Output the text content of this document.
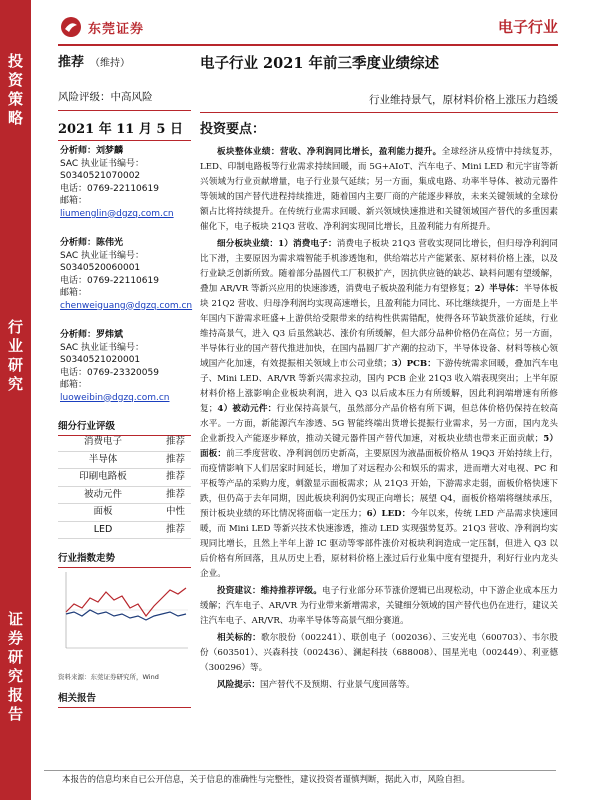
投
资
策
略
行
业
研
究
证
券
研
究
报
告
东莞证券	电子行业
推荐 （维持）
风险评级：中高风险
2021 年 11 月 5 日
分析师：刘梦麟
SAC 执业证书编号：
S0340521070002
电话：0769-22110619
邮箱：
liumenglin@dgzq.com.cn
分析师：陈伟光
SAC 执业证书编号：
S0340520060001
电话：0769-22110619
邮箱：
chenweiguang@dgzq.com.cn
分析师：罗炜斌
SAC 执业证书编号：
S0340521020001
电话：0769-23320059
邮箱：
luoweibin@dgzq.com.cn
细分行业评级
消费电子	推荐
半导体	推荐
印刷电路板	推荐
被动元件	推荐
面板	中性
LED	推荐
行业指数走势
资料来源：东莞证券研究所，Wind
相关报告
电子行业 2021 年前三季度业绩综述
行业维持景气，原材料价格上涨压力趋缓
投资要点：

板块整体业绩：营收、净利润同比增长，盈利能力提升。全球经济从疫情中持续复苏，LED、印制电路板等行业需求持续回暖，而 5G+AIoT、汽车电子、Mini LED 和元宇宙等新兴领域为行业贡献增量，电子行业景气延续；另一方面，集成电路、功率半导体、被动元器件等领域的国产替代进程持续推进，随着国内主要厂商的产能逐步释放，未来关键领域的全球份额占比将持续提升。在传统行业需求回暖、新兴领域快速推进和关键领域国产替代的多重因素催化下，电子板块 21Q3 营收、净利润实现同比增长，且盈利能力有所提升。

细分板块业绩：1）消费电子：消费电子板块 21Q3 营收实现同比增长，但归母净利润同比下滑，主要原因为需求端智能手机渗透饱和，供给端芯片产能紧张、原材料价格上涨，以及行业缺乏创新所致。随着部分晶圆代工厂积极扩产，因抗供应链的缺芯、缺料问题有望缓解，叠加 AR/VR 等新兴应用的快速渗透，消费电子板块盈利能力有望修复；2）半导体：半导体板块 21Q2 营收、归母净利润均实现高速增长，且盈利能力同比、环比继续提升，一方面是上半年国内下游需求旺盛+上游供给受限带来的结构性供需错配，使得各环节缺货涨价延续，行业维持高景气，进入 Q3 后虽然缺芯、涨价有所缓解，但大部分品种价格仍在高位；另一方面，半导体行业的国产替代推进加快，在国内晶圆厂扩产潮的拉动下，半导体设备、材料等核心领域国产化加速，有效提振相关领域上市公司业绩；3）PCB：下游传统需求回暖，叠加汽车电子、Mini LED、AR/VR 等新兴需求拉动，国内 PCB 企业 21Q3 收入端表现突出；上半年原材料价格上涨影响企业板块利润，进入 Q3 以后成本压力有所缓解，因此利润端增速有所修复；4）被动元件：行业保持高景气，虽然部分产品价格有所下调，但总体价格仍保持在较高水平。一方面，新能源汽车渗透、5G 智能终端出货增长提振行业需求，另一方面，国内龙头企业新投入产能逐步释放，推动关键元器件国产替代加速，对板块业绩也带来正面贡献；5）面板：前三季度营收、净利润创历史新高，主要原因为液晶面板价格从 19Q3 开始持续上行，而疫情影响下人们居家时间延长，增加了对远程办公和娱乐的需求，进而增大对电视、PC 和平板等产品的采购力度，刺激显示面板需求；从 21Q3 开始，下游需求走弱，面板价格快速下跌，但仍高于去年同期，因此板块利润仍实现正向增长；展望 Q4，面板价格端将继续承压，预计板块业绩的环比情况将面临一定压力；6）LED：今年以来，传统 LED 产品需求快速回暖，而 Mini LED 等新兴技术快速渗透，推动 LED 实现强势复苏。21Q3 营收、净利润均实现同比增长，且然上半年上游 IC 驱动等零部件涨价对板块利润造成一定压制，但进入 Q3 以后价格有所回落，且从历史上看，原材料价格上涨过后行业集中度有望提升，利好行业内龙头企业。

投资建议：维持推荐评级。电子行业部分环节涨价逻辑已出现松动，中下游企业成本压力缓解；汽车电子、AR/VR 为行业带来新增需求，关键细分领域的国产替代也仍在进行，建议关注汽车电子、AR/VR、功率半导体等高景气细分赛道。

相关标的：歌尔股份（002241）、联创电子（002036）、三安光电（600703）、韦尔股份（603501）、兴森科技（002436）、澜起科技（688008）、国星光电（002449）、利亚德（300296）等。

风险提示：国产替代不及预期、行业景气度回落等。

本报告的信息均来自已公开信息，关于信息的准确性与完整性，建议投资者谨慎判断，据此入市，风险自担。
